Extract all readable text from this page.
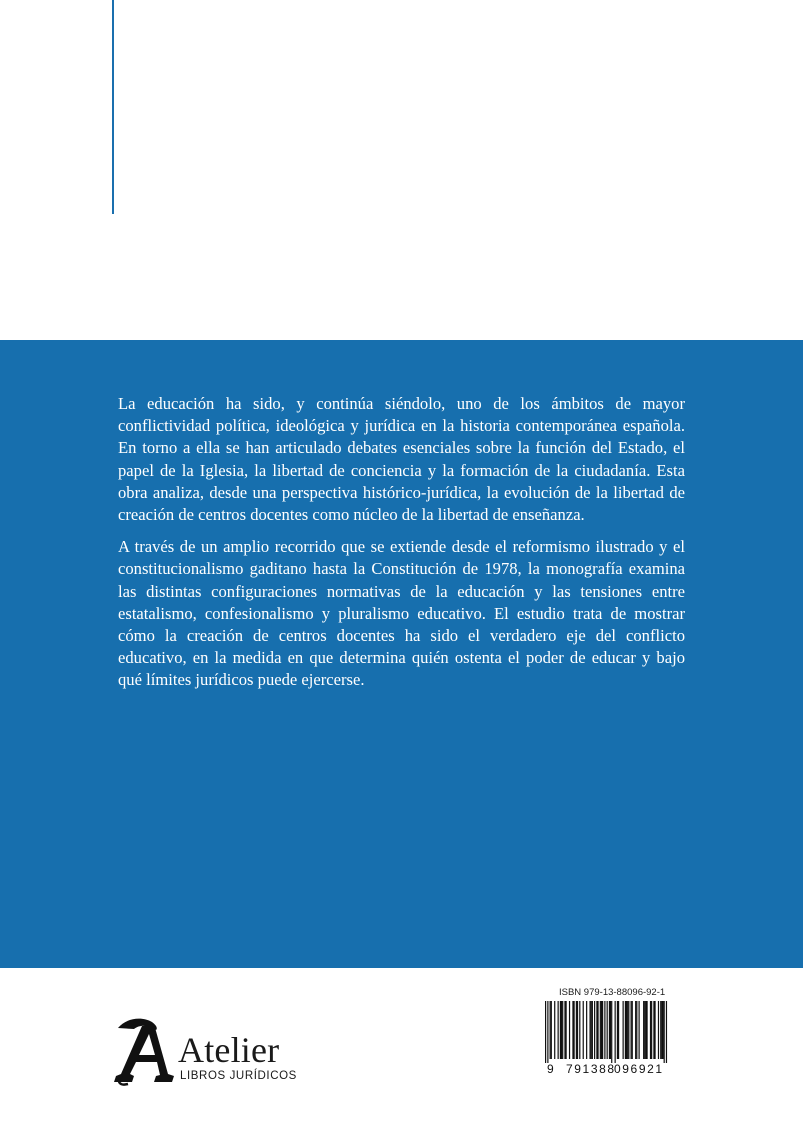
La educación ha sido, y continúa siéndolo, uno de los ámbitos de mayor conflictividad política, ideológica y jurídica en la historia contemporánea española. En torno a ella se han articulado debates esenciales sobre la función del Estado, el papel de la Iglesia, la libertad de conciencia y la formación de la ciudadanía. Esta obra analiza, desde una perspectiva histórico-jurídica, la evolución de la libertad de creación de centros docentes como núcleo de la libertad de enseñanza.

A través de un amplio recorrido que se extiende desde el reformismo ilustrado y el constitucionalismo gaditano hasta la Constitución de 1978, la monografía examina las distintas configuraciones normativas de la educación y las tensiones entre estatalismo, confesionalismo y pluralismo educativo. El estudio trata de mostrar cómo la creación de centros docentes ha sido el verdadero eje del conflicto educativo, en la medida en que determina quién ostenta el poder de educar y bajo qué límites jurídicos puede ejercerse.

Atelier
LIBROS JURÍDICOS
ISBN 979-13-88096-92-1
9 791388
096921
